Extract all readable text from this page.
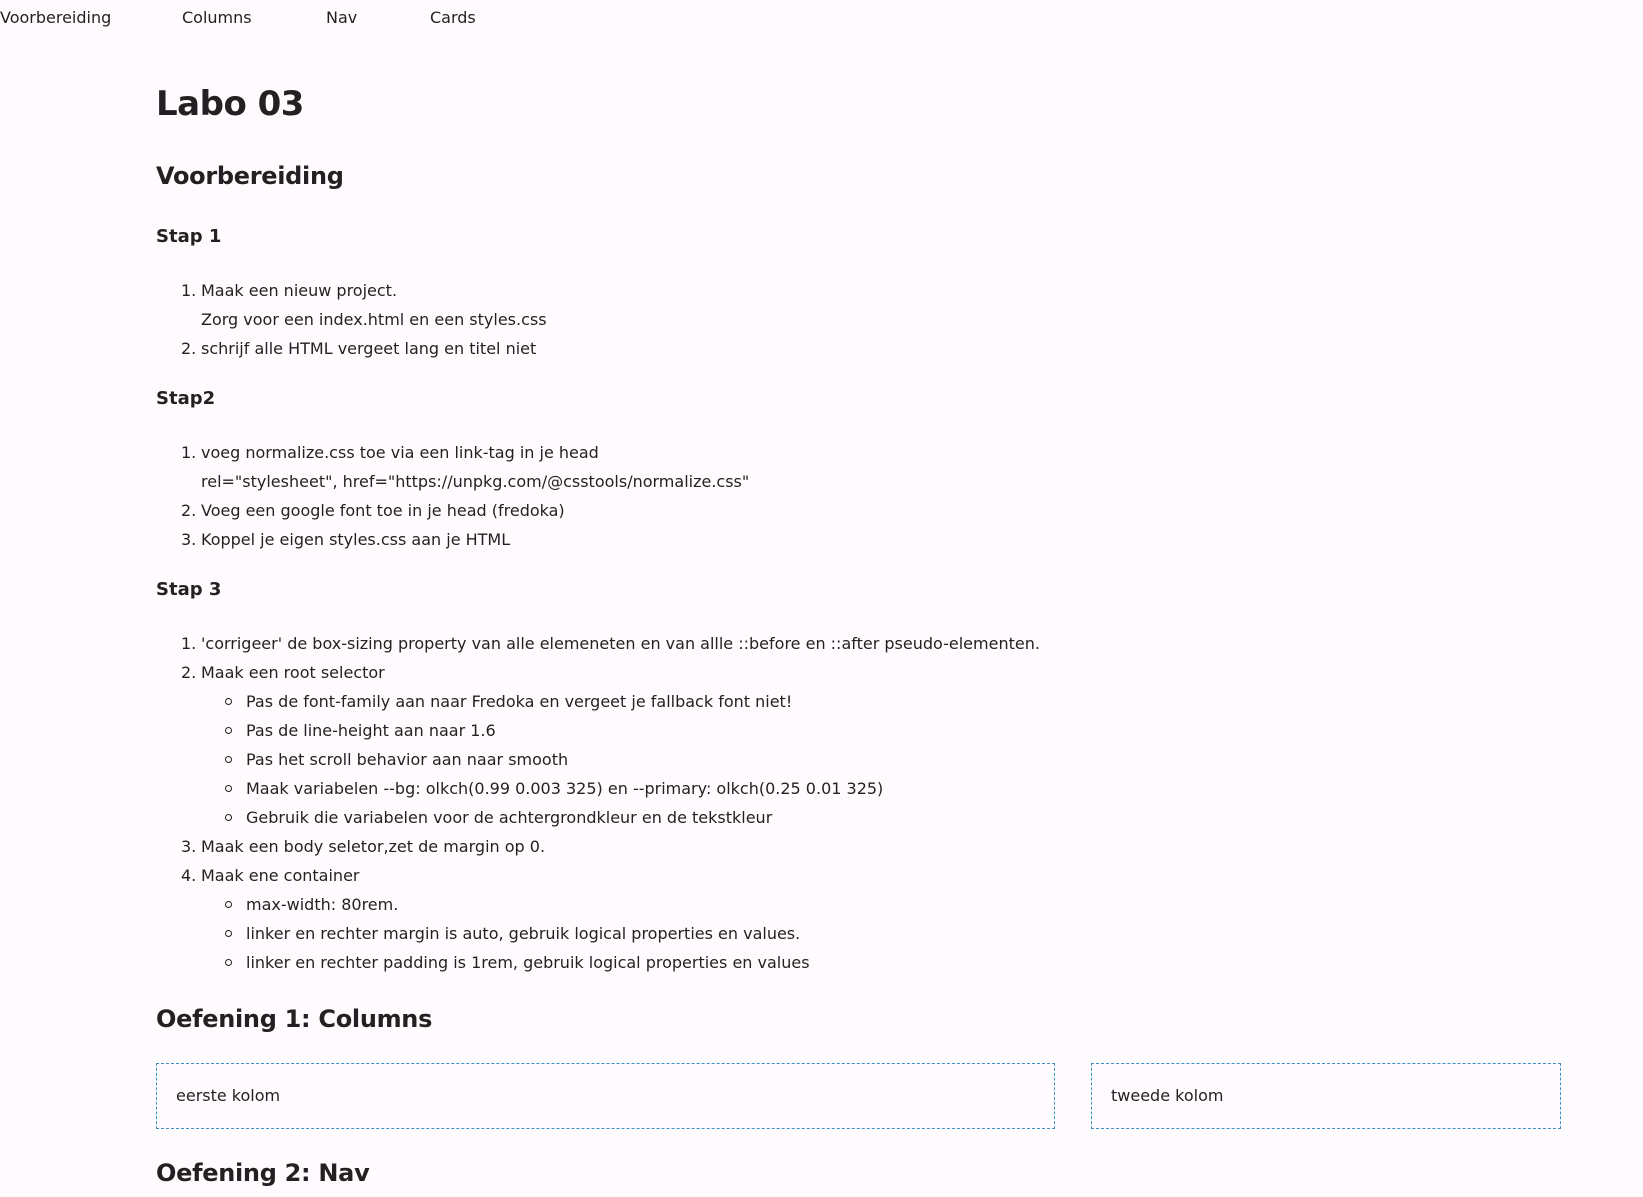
Voorbereiding	Columns	Nav	Cards
Labo 03
Voorbereiding
Stap 1
1. Maak een nieuw project.
Zorg voor een index.html en een styles.css
2. schrijf alle HTML vergeet lang en titel niet
Stap2
1. voeg normalize.css toe via een link-tag in je head
rel="stylesheet", href="https://unpkg.com/@csstools/normalize.css"
2. Voeg een google font toe in je head (fredoka)
3. Koppel je eigen styles.css aan je HTML
Stap 3
1. 'corrigeer' de box-sizing property van alle elemeneten en van allle ::before en ::after pseudo-elementen.
2. Maak een root selector
Pas de font-family aan naar Fredoka en vergeet je fallback font niet!
Pas de line-height aan naar 1.6
Pas het scroll behavior aan naar smooth
Maak variabelen --bg: olkch(0.99 0.003 325) en --primary: olkch(0.25 0.01 325)
Gebruik die variabelen voor de achtergrondkleur en de tekstkleur
3. Maak een body seletor,zet de margin op 0.
4. Maak ene container
max-width: 80rem.
linker en rechter margin is auto, gebruik logical properties en values.
linker en rechter padding is 1rem, gebruik logical properties en values
Oefening 1: Columns
eerste kolom	tweede kolom
Oefening 2: Nav
